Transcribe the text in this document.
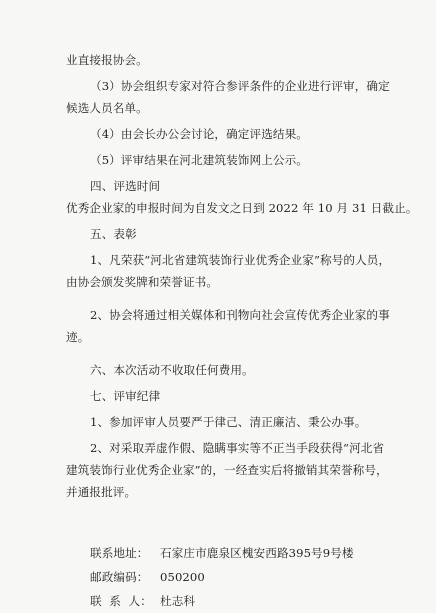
业直接报协会。
（3）协会组织专家对符合参评条件的企业进行评审，确定
候选人员名单。
（4）由会长办公会讨论，确定评选结果。
（5）评审结果在河北建筑装饰网上公示。
四、评选时间
优秀企业家的申报时间为自发文之日到 2022 年 10 月 31 日截止。
五、表彰
1、凡荣获“河北省建筑装饰行业优秀企业家”称号的人员，
由协会颁发奖牌和荣誉证书。
2、协会将通过相关媒体和刊物向社会宣传优秀企业家的事
迹。
六、本次活动不收取任何费用。
七、评审纪律
1、参加评审人员要严于律己、清正廉洁、秉公办事。
2、对采取弄虚作假、隐瞒事实等不正当手段获得“河北省
建筑装饰行业优秀企业家”的，一经查实后将撤销其荣誉称号，
并通报批评。
联系地址： 石家庄市鹿泉区槐安西路395号9号楼
邮政编码： 050200
联  系  人： 杜志科
